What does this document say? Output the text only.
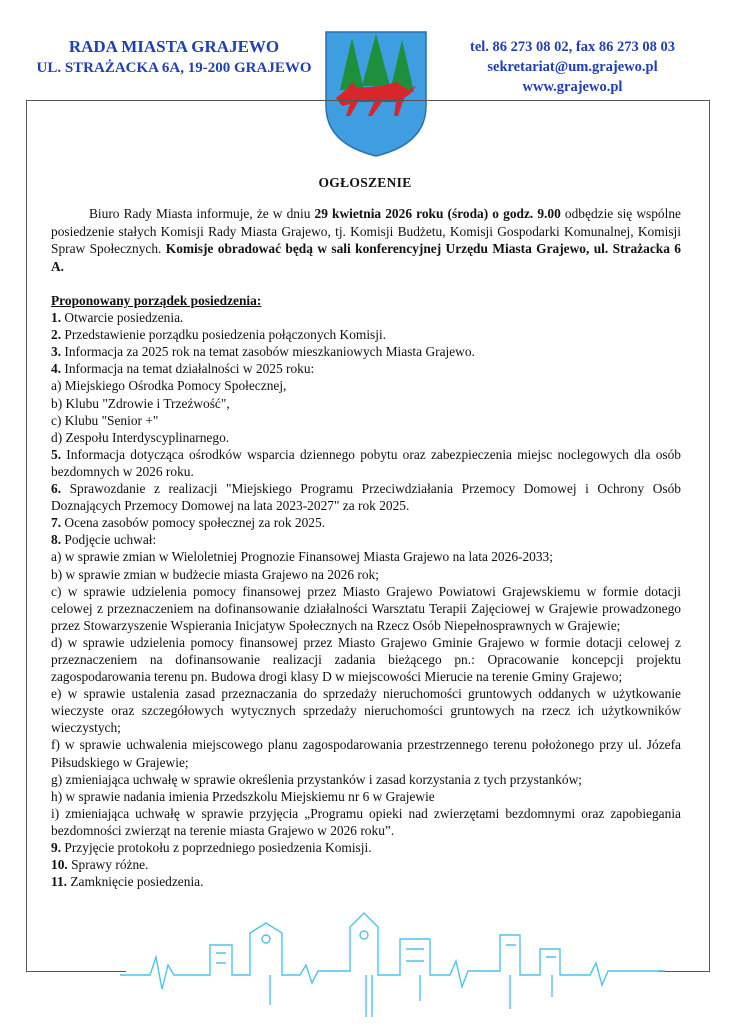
RADA MIASTA GRAJEWO
UL. STRAŻACKA 6A, 19-200 GRAJEWO
tel. 86 273 08 02, fax 86 273 08 03
sekretariat@um.grajewo.pl
www.grajewo.pl
OGŁOSZENIE
Biuro Rady Miasta informuje, że w dniu 29 kwietnia 2026 roku (środa) o godz. 9.00 odbędzie się wspólne posiedzenie stałych Komisji Rady Miasta Grajewo, tj. Komisji Budżetu, Komisji Gospodarki Komunalnej, Komisji Spraw Społecznych. Komisje obradować będą w sali konferencyjnej Urzędu Miasta Grajewo, ul. Strażacka 6 A.
Proponowany porządek posiedzenia:
1. Otwarcie posiedzenia.
2. Przedstawienie porządku posiedzenia połączonych Komisji.
3. Informacja za 2025 rok na temat zasobów mieszkaniowych Miasta Grajewo.
4. Informacja na temat działalności w 2025 roku:
a) Miejskiego Ośrodka Pomocy Społecznej,
b) Klubu "Zdrowie i Trzeźwość",
c) Klubu "Senior +"
d) Zespołu Interdyscyplinarnego.
5. Informacja dotycząca ośrodków wsparcia dziennego pobytu oraz zabezpieczenia miejsc noclegowych dla osób bezdomnych w 2026 roku.
6. Sprawozdanie z realizacji "Miejskiego Programu Przeciwdziałania Przemocy Domowej i Ochrony Osób Doznających Przemocy Domowej na lata 2023-2027" za rok 2025.
7. Ocena zasobów pomocy społecznej za rok 2025.
8. Podjęcie uchwał:
a) w sprawie zmian w Wieloletniej Prognozie Finansowej Miasta Grajewo na lata 2026-2033;
b) w sprawie zmian w budżecie miasta Grajewo na 2026 rok;
c) w sprawie udzielenia pomocy finansowej przez Miasto Grajewo Powiatowi Grajewskiemu w formie dotacji celowej z przeznaczeniem na dofinansowanie działalności Warsztatu Terapii Zajęciowej w Grajewie prowadzonego przez Stowarzyszenie Wspierania Inicjatyw Społecznych na Rzecz Osób Niepełnosprawnych w Grajewie;
d) w sprawie udzielenia pomocy finansowej przez Miasto Grajewo Gminie Grajewo w formie dotacji celowej z przeznaczeniem na dofinansowanie realizacji zadania bieżącego pn.: Opracowanie koncepcji projektu zagospodarowania terenu pn. Budowa drogi klasy D w miejscowości Mierucie na terenie Gminy Grajewo;
e) w sprawie ustalenia zasad przeznaczania do sprzedaży nieruchomości gruntowych oddanych w użytkowanie wieczyste oraz szczegółowych wytycznych sprzedaży nieruchomości gruntowych na rzecz ich użytkowników wieczystych;
f) w sprawie uchwalenia miejscowego planu zagospodarowania przestrzennego terenu położonego przy ul. Józefa Piłsudskiego w Grajewie;
g) zmieniająca uchwałę w sprawie określenia przystanków i zasad korzystania z tych przystanków;
h) w sprawie nadania imienia Przedszkolu Miejskiemu nr 6 w Grajewie
i) zmieniająca uchwałę w sprawie przyjęcia „Programu opieki nad zwierzętami bezdomnymi oraz zapobiegania bezdomności zwierząt na terenie miasta Grajewo w 2026 roku”.
9. Przyjęcie protokołu z poprzedniego posiedzenia Komisji.
10. Sprawy różne.
11. Zamknięcie posiedzenia.
